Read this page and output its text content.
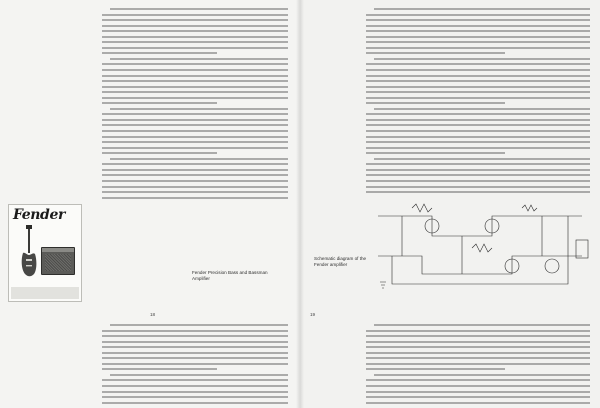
18	19
Fender
Fender Precision Bass and Bassman Amplifier
Schematic diagram of the Fender amplifier
